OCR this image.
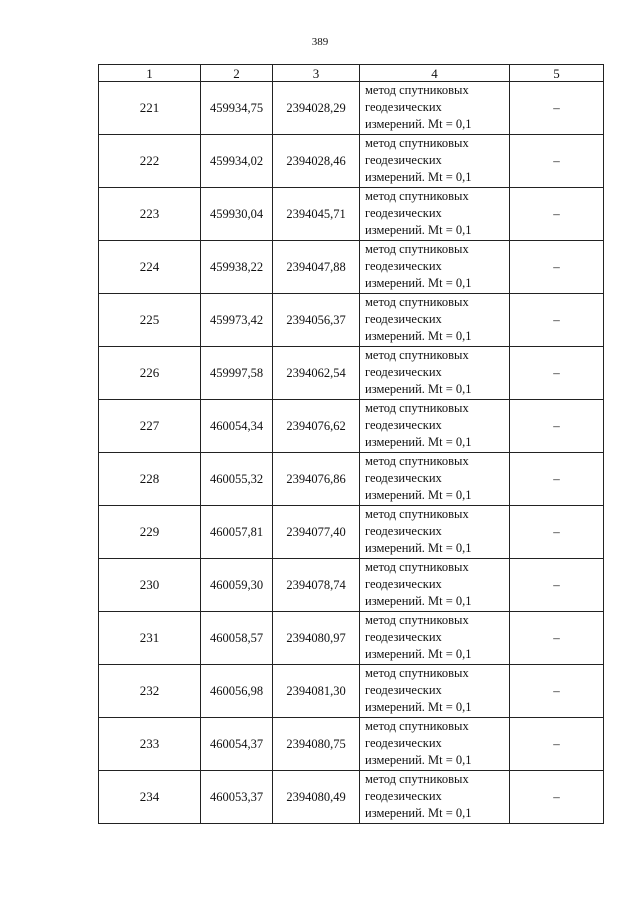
389
1	2	3	4	5
221	459934,75	2394028,29	метод спутниковых
геодезических
измерений. Mt = 0,1	–
222	459934,02	2394028,46	метод спутниковых
геодезических
измерений. Mt = 0,1	–
223	459930,04	2394045,71	метод спутниковых
геодезических
измерений. Mt = 0,1	–
224	459938,22	2394047,88	метод спутниковых
геодезических
измерений. Mt = 0,1	–
225	459973,42	2394056,37	метод спутниковых
геодезических
измерений. Mt = 0,1	–
226	459997,58	2394062,54	метод спутниковых
геодезических
измерений. Mt = 0,1	–
227	460054,34	2394076,62	метод спутниковых
геодезических
измерений. Mt = 0,1	–
228	460055,32	2394076,86	метод спутниковых
геодезических
измерений. Mt = 0,1	–
229	460057,81	2394077,40	метод спутниковых
геодезических
измерений. Mt = 0,1	–
230	460059,30	2394078,74	метод спутниковых
геодезических
измерений. Mt = 0,1	–
231	460058,57	2394080,97	метод спутниковых
геодезических
измерений. Mt = 0,1	–
232	460056,98	2394081,30	метод спутниковых
геодезических
измерений. Mt = 0,1	–
233	460054,37	2394080,75	метод спутниковых
геодезических
измерений. Mt = 0,1	–
234	460053,37	2394080,49	метод спутниковых
геодезических
измерений. Mt = 0,1	–
